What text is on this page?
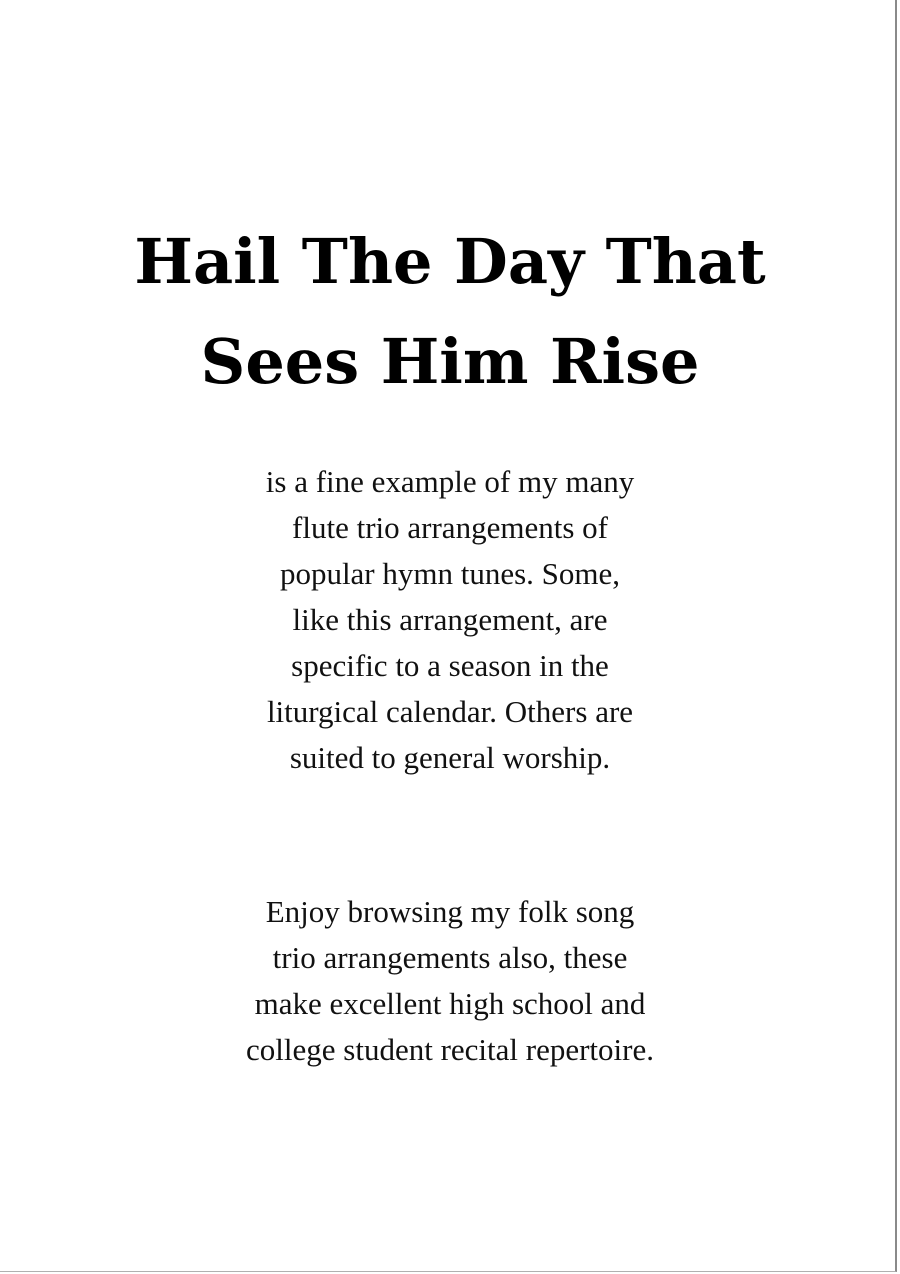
Hail The Day That
Sees Him Rise

is a fine example of my many
flute trio arrangements of
popular hymn tunes. Some,
like this arrangement, are
specific to a season in the
liturgical calendar. Others are
suited to general worship.

Enjoy browsing my folk song
trio arrangements also, these
make excellent high school and
college student recital repertoire.
